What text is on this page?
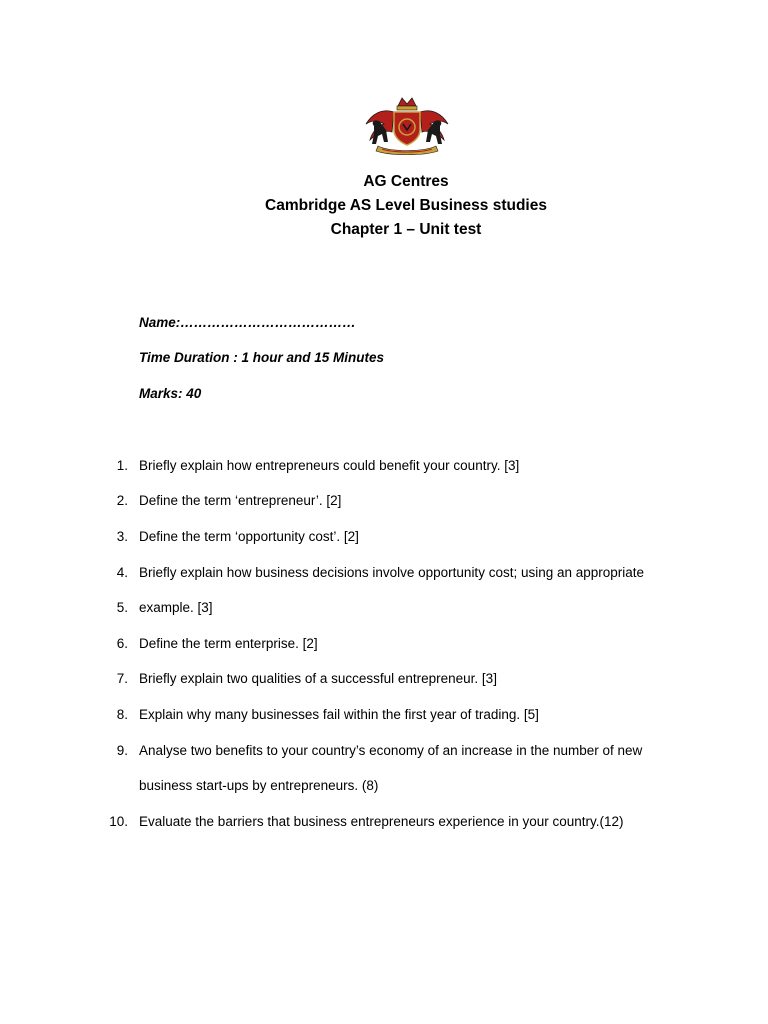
AG Centres
Cambridge AS Level Business studies
Chapter 1 – Unit test
Name:…………………………………
Time Duration : 1 hour and 15 Minutes
Marks: 40
1. Briefly explain how entrepreneurs could benefit your country. [3]
2. Define the term ‘entrepreneur’. [2]
3. Define the term ‘opportunity cost’. [2]
4. Briefly explain how business decisions involve opportunity cost; using an appropriate
5. example. [3]
6. Define the term enterprise. [2]
7. Briefly explain two qualities of a successful entrepreneur. [3]
8. Explain why many businesses fail within the first year of trading. [5]
9. Analyse two benefits to your country’s economy of an increase in the number of new
business start-ups by entrepreneurs. (8)
10. Evaluate the barriers that business entrepreneurs experience in your country.(12)
